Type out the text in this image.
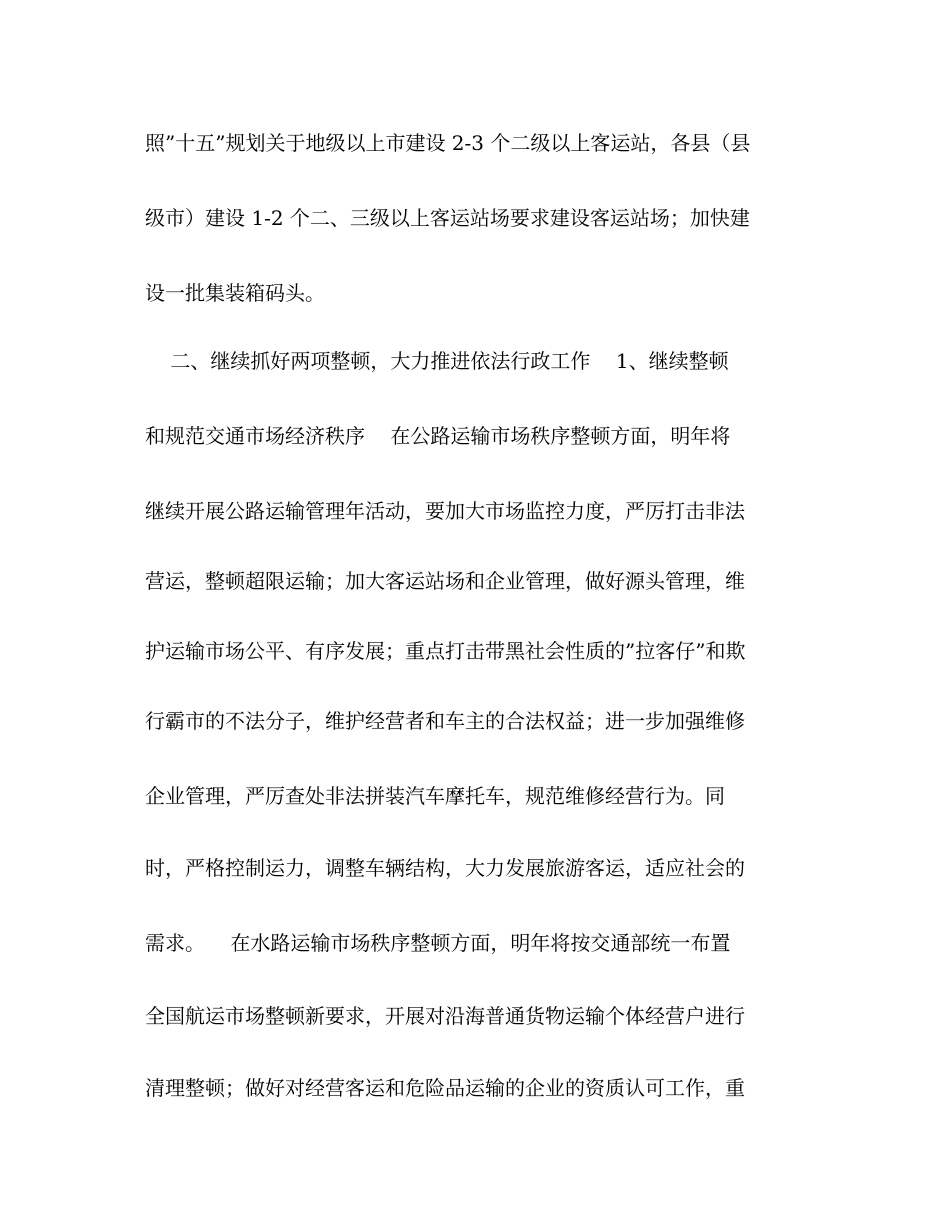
照”十五”规划关于地级以上市建设 2-3 个二级以上客运站，各县（县
级市）建设 1-2 个二、三级以上客运站场要求建设客运站场；加快建
设一批集装箱码头。
二、继续抓好两项整顿，大力推进依法行政工作    1、继续整顿
和规范交通市场经济秩序    在公路运输市场秩序整顿方面，明年将
继续开展公路运输管理年活动，要加大市场监控力度，严厉打击非法
营运，整顿超限运输；加大客运站场和企业管理，做好源头管理，维
护运输市场公平、有序发展；重点打击带黑社会性质的”拉客仔”和欺
行霸市的不法分子，维护经营者和车主的合法权益；进一步加强维修
企业管理，严厉查处非法拼装汽车摩托车，规范维修经营行为。同
时，严格控制运力，调整车辆结构，大力发展旅游客运，适应社会的
需求。    在水路运输市场秩序整顿方面，明年将按交通部统一布置
全国航运市场整顿新要求，开展对沿海普通货物运输个体经营户进行
清理整顿；做好对经营客运和危险品运输的企业的资质认可工作，重
